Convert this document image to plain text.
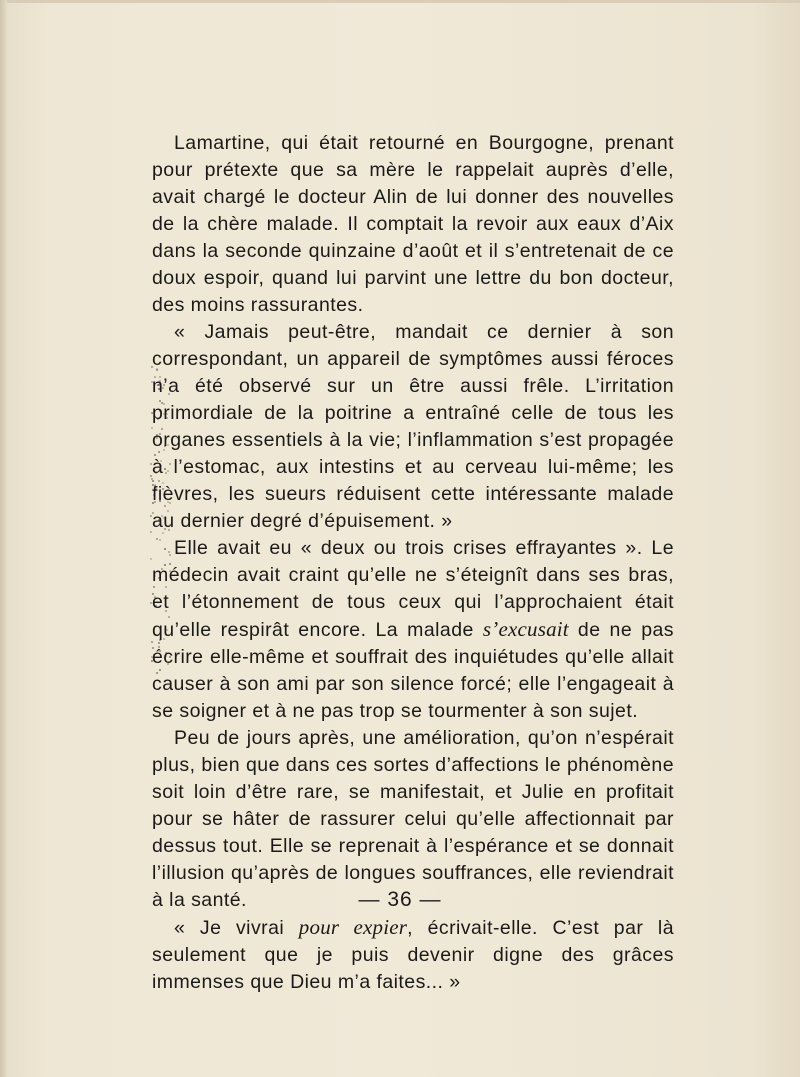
Lamartine, qui était retourné en Bourgogne, prenant pour prétexte que sa mère le rappelait auprès d’elle, avait chargé le docteur Alin de lui donner des nouvelles de la chère malade. Il comptait la revoir aux eaux d’Aix dans la seconde quinzaine d’août et il s’entretenait de ce doux espoir, quand lui parvint une lettre du bon docteur, des moins rassurantes.

« Jamais peut-être, mandait ce dernier à son correspondant, un appareil de symptômes aussi féroces n’a été observé sur un être aussi frêle. L’irritation primordiale de la poitrine a entraîné celle de tous les organes essentiels à la vie; l’inflammation s’est propagée à l’estomac, aux intestins et au cerveau lui-même; les fièvres, les sueurs réduisent cette intéressante malade au dernier degré d’épuisement. »

Elle avait eu « deux ou trois crises effrayantes ». Le médecin avait craint qu’elle ne s’éteignît dans ses bras, et l’étonnement de tous ceux qui l’approchaient était qu’elle respirât encore. La malade s’excusait de ne pas écrire elle-même et souffrait des inquiétudes qu’elle allait causer à son ami par son silence forcé; elle l’engageait à se soigner et à ne pas trop se tourmenter à son sujet.

Peu de jours après, une amélioration, qu’on n’espérait plus, bien que dans ces sortes d’affections le phénomène soit loin d’être rare, se manifestait, et Julie en profitait pour se hâter de rassurer celui qu’elle affectionnait par dessus tout. Elle se reprenait à l’espérance et se donnait l’illusion qu’après de longues souffrances, elle reviendrait à la santé.

« Je vivrai pour expier, écrivait-elle. C’est par là seulement que je puis devenir digne des grâces immenses que Dieu m’a faites... »

— 36 —
